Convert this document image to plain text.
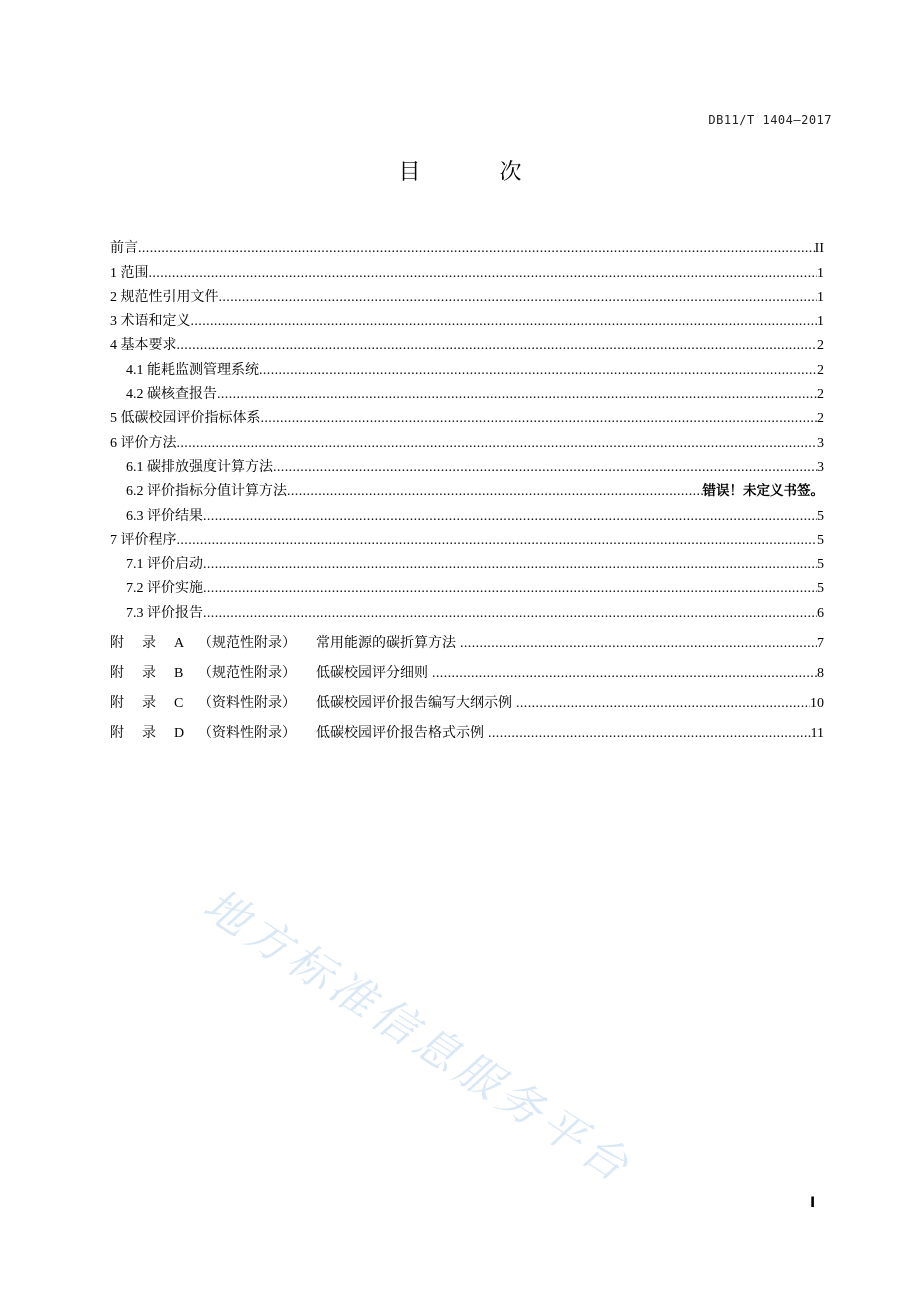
DB11/T 1404—2017
目 次
前言 .....	II
1 范围 .....	1
2 规范性引用文件 .....	1
3 术语和定义 .....	1
4 基本要求 .....	2
4.1 能耗监测管理系统 .....	2
4.2 碳核查报告 .....	2
5 低碳校园评价指标体系 .....	2
6 评价方法 .....	3
6.1 碳排放强度计算方法 .....	3
6.2 评价指标分值计算方法 .....	错误！未定义书签。
6.3 评价结果 .....	5
7 评价程序 .....	5
7.1 评价启动 .....	5
7.2 评价实施 .....	5
7.3 评价报告 .....	6
附 录 A （规范性附录）	常用能源的碳折算方法 .....	7
附 录 B	（规范性附录）	低碳校园评分细则 .....	8
附 录 C	（资料性附录）	低碳校园评价报告编写大纲示例 .....	10
附 录 D （资料性附录）	低碳校园评价报告格式示例 .....	11
地方标准信息服务平台
I
